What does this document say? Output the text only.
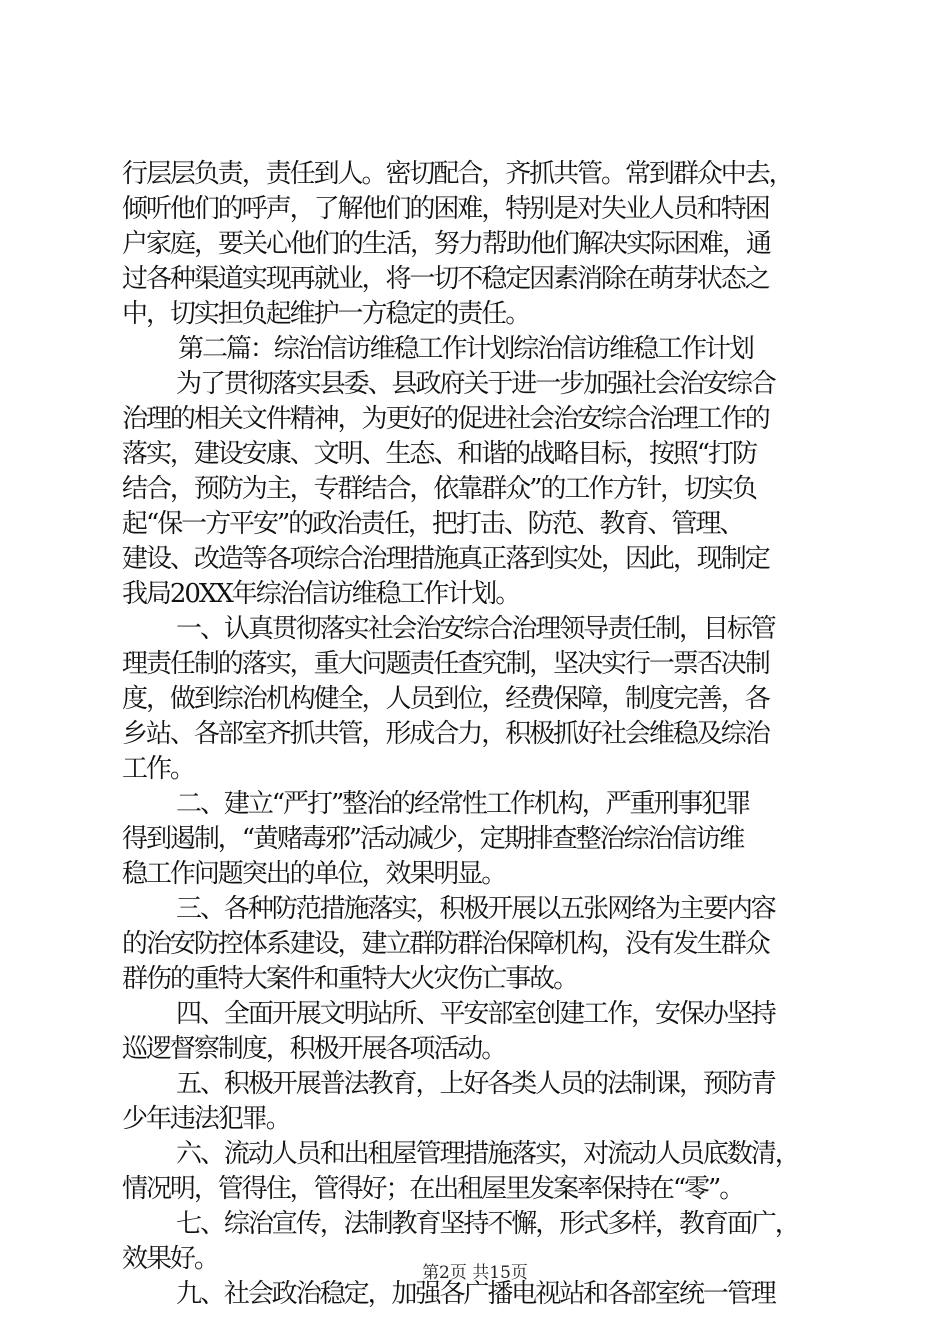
行层层负责，责任到人。密切配合，齐抓共管。常到群众中去，

倾听他们的呼声，了解他们的困难，特别是对失业人员和特困

户家庭，要关心他们的生活，努力帮助他们解决实际困难，通

过各种渠道实现再就业，将一切不稳定因素消除在萌芽状态之

中，切实担负起维护一方稳定的责任。

第二篇：综治信访维稳工作计划综治信访维稳工作计划

为了贯彻落实县委、县政府关于进一步加强社会治安综合

治理的相关文件精神，为更好的促进社会治安综合治理工作的

落实，建设安康、文明、生态、和谐的战略目标，按照“打防

结合，预防为主，专群结合，依靠群众”的工作方针，切实负

起“保一方平安”的政治责任，把打击、防范、教育、管理、

建设、改造等各项综合治理措施真正落到实处，因此，现制定

我局20XX年综治信访维稳工作计划。

一、认真贯彻落实社会治安综合治理领导责任制，目标管

理责任制的落实，重大问题责任查究制，坚决实行一票否决制

度，做到综治机构健全，人员到位，经费保障，制度完善，各

乡站、各部室齐抓共管，形成合力，积极抓好社会维稳及综治

工作。

二、建立“严打”整治的经常性工作机构，严重刑事犯罪

得到遏制，“黄赌毒邪”活动减少，定期排查整治综治信访维

稳工作问题突出的单位，效果明显。

三、各种防范措施落实，积极开展以五张网络为主要内容

的治安防控体系建设，建立群防群治保障机构，没有发生群众

群伤的重特大案件和重特大火灾伤亡事故。

四、全面开展文明站所、平安部室创建工作，安保办坚持

巡逻督察制度，积极开展各项活动。

五、积极开展普法教育，上好各类人员的法制课，预防青

少年违法犯罪。

六、流动人员和出租屋管理措施落实，对流动人员底数清，

情况明，管得住，管得好；在出租屋里发案率保持在“零”。

七、综治宣传，法制教育坚持不懈，形式多样，教育面广，

效果好。

九、社会政治稳定，加强各广播电视站和各部室统一管理

第2页 共15页
